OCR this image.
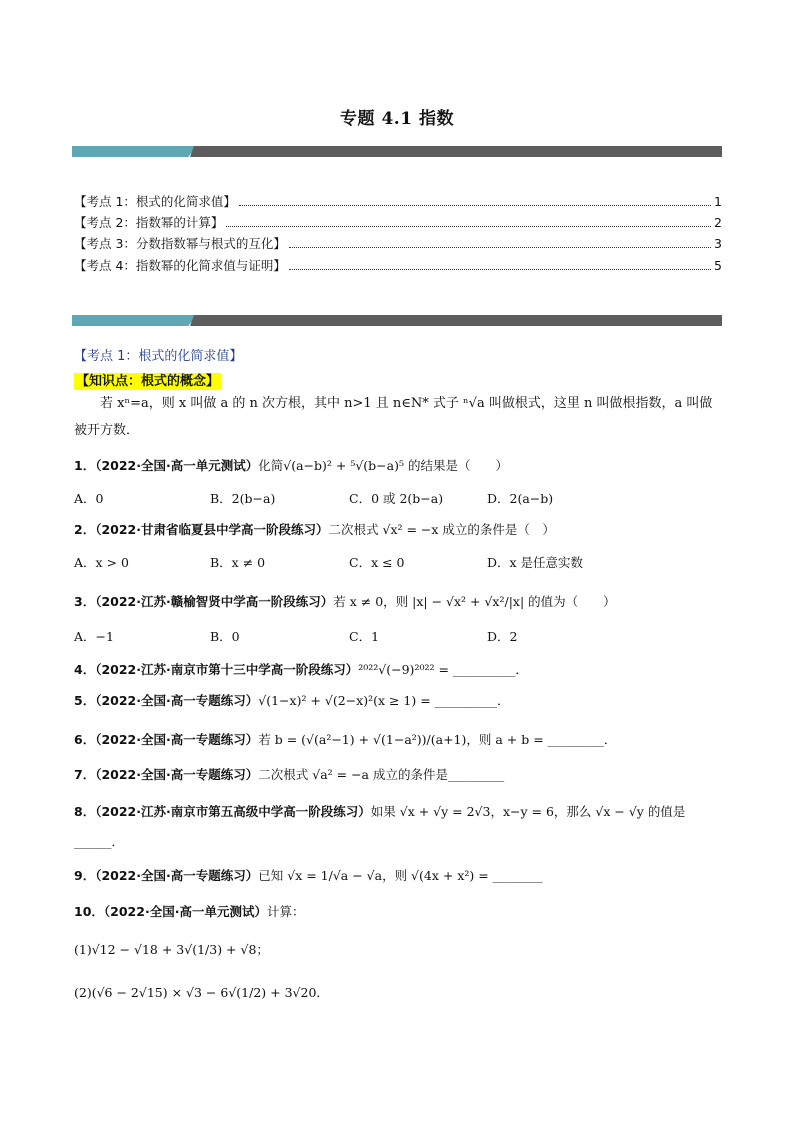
专题 4.1 指数
【考点 1：根式的化简求值】	1
【考点 2：指数幂的计算】	2
【考点 3：分数指数幂与根式的互化】	3
【考点 4：指数幂的化简求值与证明】	5
【考点 1：根式的化简求值】
【知识点：根式的概念】
若 xⁿ=a，则 x 叫做 a 的 n 次方根，其中 n>1 且 n∈N* 式子 ⁿ√a 叫做根式，这里 n 叫做根指数，a 叫做被开方数．
1．（2022·全国·高一单元测试）化简√(a−b)² + ⁵√(b−a)⁵ 的结果是（　　）
A．0	B．2(b−a)	C．0 或 2(b−a)	D．2(a−b)
2．（2022·甘肃省临夏县中学高一阶段练习）二次根式 √x² = −x 成立的条件是（　）
A．x > 0	B．x ≠ 0	C．x ≤ 0	D．x 是任意实数
3．（2022·江苏·赣榆智贤中学高一阶段练习）若 x ≠ 0，则 |x| − √x² + √x²/|x| 的值为（　　）
A．−1	B．0	C．1	D．2
4．（2022·江苏·南京市第十三中学高一阶段练习）²⁰²²√(−9)²⁰²² = __________．
5．（2022·全国·高一专题练习）√(1−x)² + √(2−x)²(x ≥ 1) = __________．
6．（2022·全国·高一专题练习）若 b = (√(a²−1) + √(1−a²))/(a+1)，则 a + b = _________．
7．（2022·全国·高一专题练习）二次根式 √a² = −a 成立的条件是_________
8．（2022·江苏·南京市第五高级中学高一阶段练习）如果 √x + √y = 2√3，x−y = 6，那么 √x − √y 的值是______．
9．（2022·全国·高一专题练习）已知 √x = 1/√a − √a，则 √(4x + x²) = ________
10．（2022·全国·高一单元测试）计算：
(1)√12 − √18 + 3√(1/3) + √8；
(2)(√6 − 2√15) × √3 − 6√(1/2) + 3√20．
